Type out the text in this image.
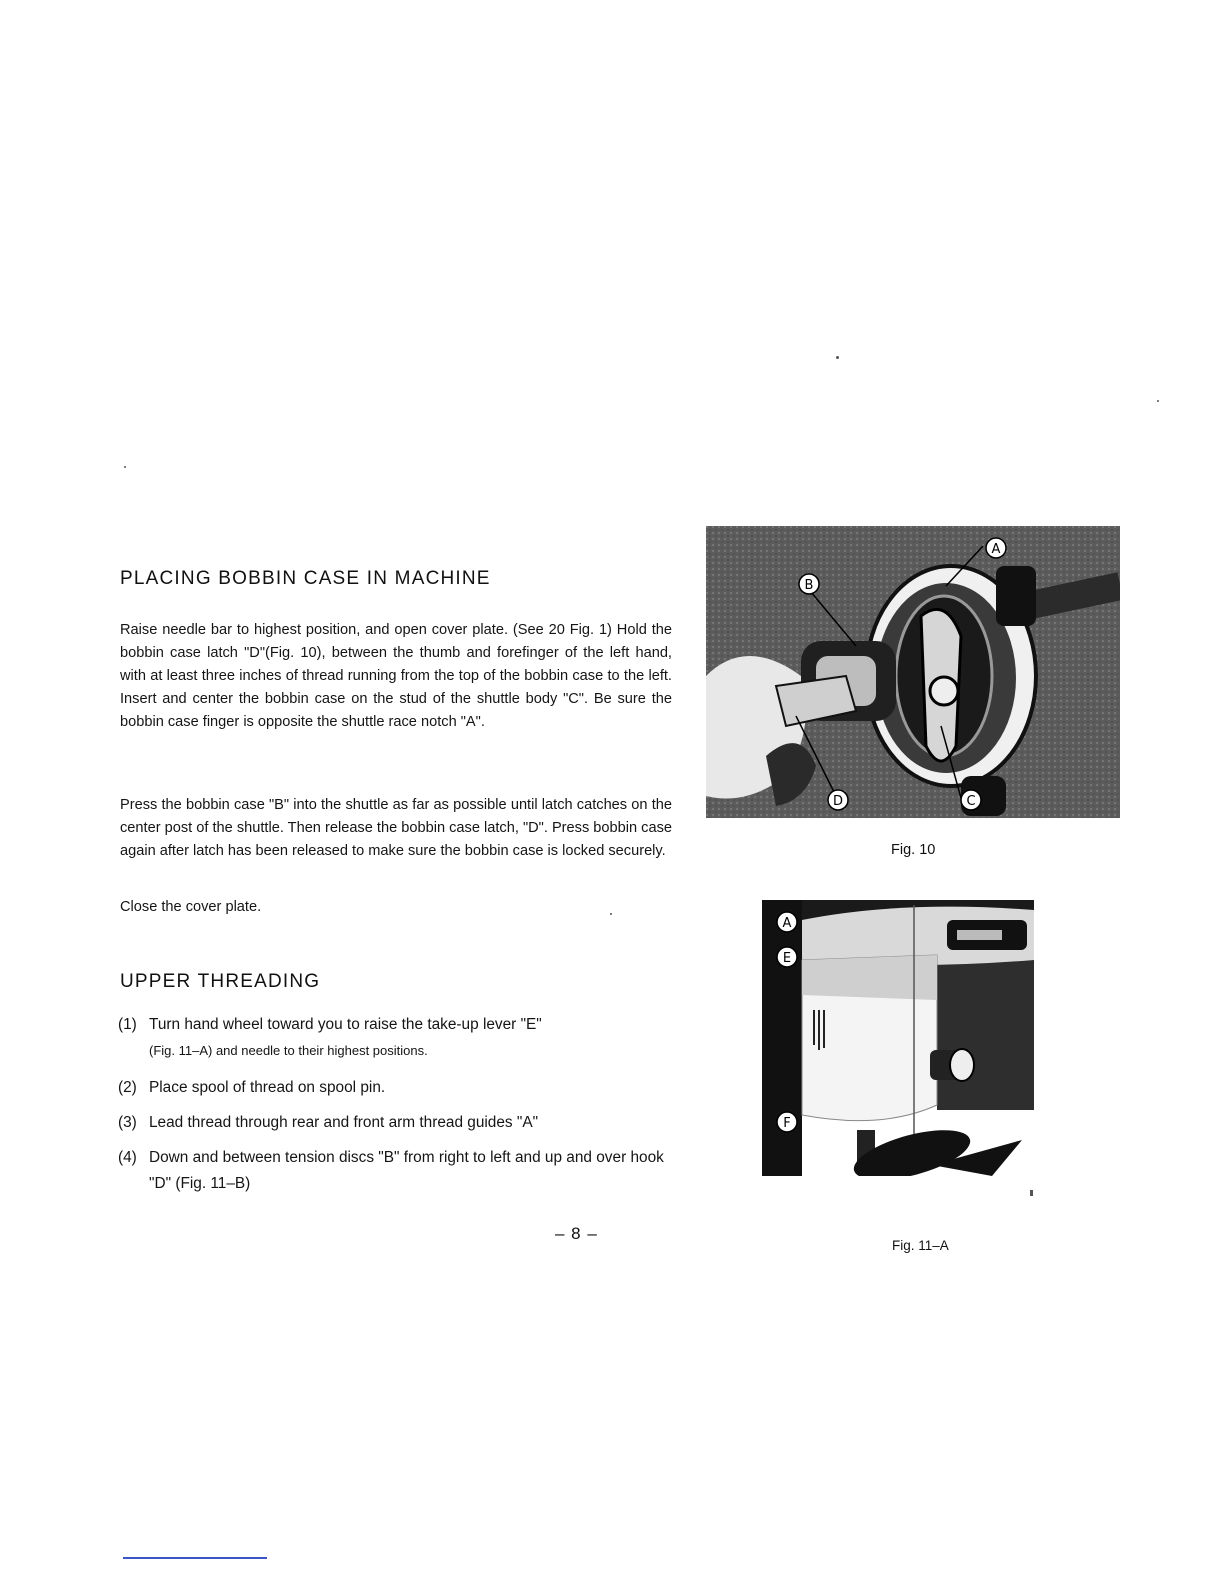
PLACING BOBBIN CASE IN MACHINE

Raise needle bar to highest position, and open cover plate. (See 20 Fig. 1) Hold the bobbin case latch "D"(Fig. 10), between the thumb and forefinger of the left hand, with at least three inches of thread running from the top of the bobbin case to the left. Insert and center the bobbin case on the stud of the shuttle body "C". Be sure the bobbin case finger is opposite the shuttle race notch "A".

Press the bobbin case "B" into the shuttle as far as possible until latch catches on the center post of the shuttle. Then release the bobbin case latch, "D". Press bobbin case again after latch has been released to make sure the bobbin case is locked securely.

Close the cover plate.

UPPER THREADING
(1) Turn hand wheel toward you to raise the take-up lever "E"
(Fig. 11–A) and needle to their highest positions.
(2) Place spool of thread on spool pin.
(3) Lead thread through rear and front arm thread guides "A"
(4) Down and between tension discs "B" from right to left and up and over hook "D" (Fig. 11–B)
– 8 –
A
B
D	C
Fig. 10
A
E
F
Fig. 11–A
